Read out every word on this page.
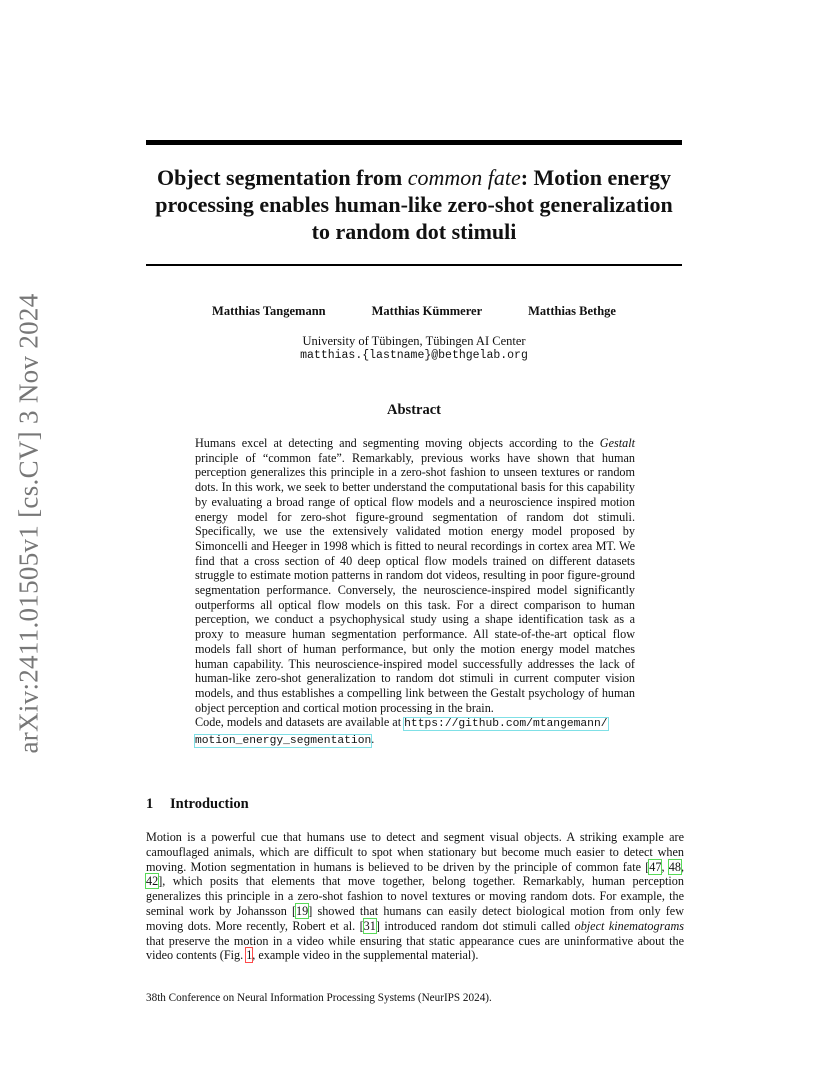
arXiv:2411.01505v1 [cs.CV] 3 Nov 2024
Object segmentation from common fate: Motion energy processing enables human-like zero-shot generalization to random dot stimuli
Matthias Tangemann	Matthias Kümmerer	Matthias Bethge
University of Tübingen, Tübingen AI Center
matthias.{lastname}@bethgelab.org
Abstract

Humans excel at detecting and segmenting moving objects according to the Gestalt principle of “common fate”. Remarkably, previous works have shown that human perception generalizes this principle in a zero-shot fashion to unseen textures or random dots. In this work, we seek to better understand the computational basis for this capability by evaluating a broad range of optical flow models and a neuroscience inspired motion energy model for zero-shot figure-ground segmentation of random dot stimuli. Specifically, we use the extensively validated motion energy model proposed by Simoncelli and Heeger in 1998 which is fitted to neural recordings in cortex area MT. We find that a cross section of 40 deep optical flow models trained on different datasets struggle to estimate motion patterns in random dot videos, resulting in poor figure-ground segmentation performance. Conversely, the neuroscience-inspired model significantly outperforms all optical flow models on this task. For a direct comparison to human perception, we conduct a psychophysical study using a shape identification task as a proxy to measure human segmentation performance. All state-of-the-art optical flow models fall short of human performance, but only the motion energy model matches human capability. This neuroscience-inspired model successfully addresses the lack of human-like zero-shot generalization to random dot stimuli in current computer vision models, and thus establishes a compelling link between the Gestalt psychology of human object perception and cortical motion processing in the brain.

Code, models and datasets are available at https://github.com/mtangemann/
motion_energy_segmentation.

1 Introduction

Motion is a powerful cue that humans use to detect and segment visual objects. A striking example are camouflaged animals, which are difficult to spot when stationary but become much easier to detect when moving. Motion segmentation in humans is believed to be driven by the principle of common fate [47, 48, 42], which posits that elements that move together, belong together. Remarkably, human perception generalizes this principle in a zero-shot fashion to novel textures or moving random dots. For example, the seminal work by Johansson [19] showed that humans can easily detect biological motion from only few moving dots. More recently, Robert et al. [31] introduced random dot stimuli called object kinematograms that preserve the motion in a video while ensuring that static appearance cues are uninformative about the video contents (Fig. 1, example video in the supplemental material).

38th Conference on Neural Information Processing Systems (NeurIPS 2024).
